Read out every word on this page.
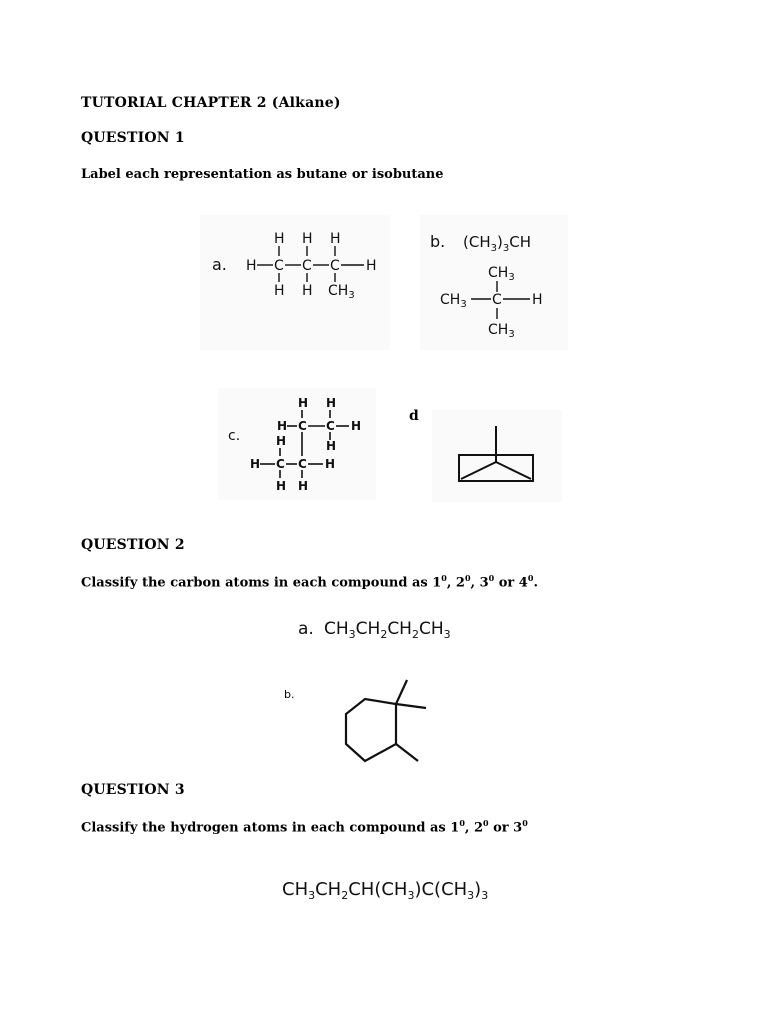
TUTORIAL CHAPTER 2 (Alkane)
QUESTION 1
Label each representation as butane or isobutane
a.
H H H
H C C C H
H H $CH_3$
b. $(CH_3)_3CH$
$CH_3$
$CH_3$ C H
$CH_3$
c.
H H
H C C H
H
H
H C C H
H H
d
QUESTION 2
Classify the carbon atoms in each compound as $1^0$, $2^0$, $3^0$ or $4^0$.
a. $CH_3CH_2CH_2CH_3$
b.
QUESTION 3
Classify the hydrogen atoms in each compound as $1^0$, $2^0$ or $3^0$
$CH_3CH_2CH(CH_3)C(CH_3)_3$
